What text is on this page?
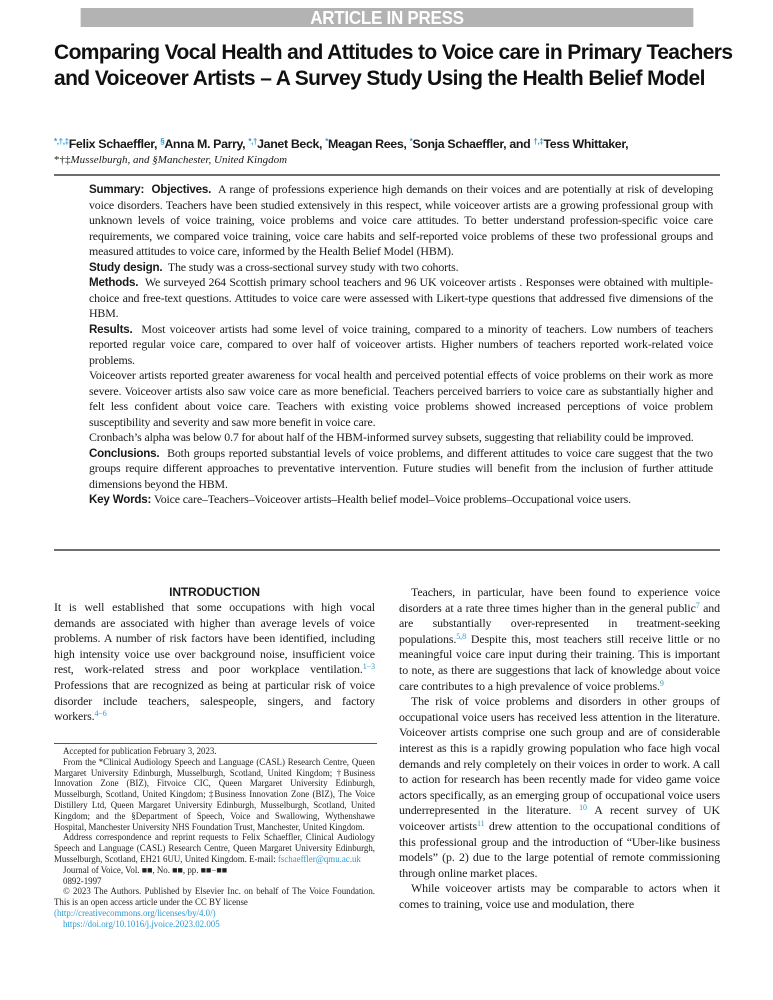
ARTICLE IN PRESS
Comparing Vocal Health and Attitudes to Voice care in Primary Teachers and Voiceover Artists – A Survey Study Using the Health Belief Model
*,†,‡Felix Schaeffler, §Anna M. Parry, *,†Janet Beck, *Meagan Rees, *Sonja Schaeffler, and †,‡Tess Whittaker,
*†‡Musselburgh, and §Manchester, United Kingdom

Summary: Objectives. A range of professions experience high demands on their voices and are potentially at risk of developing voice disorders. Teachers have been studied extensively in this respect, while voiceover artists are a growing professional group with unknown levels of voice training, voice problems and voice care attitudes. To better understand profession-specific voice care requirements, we compared voice training, voice care habits and self-reported voice problems of these two professional groups and measured attitudes to voice care, informed by the Health Belief Model (HBM).

Study design. The study was a cross-sectional survey study with two cohorts.

Methods. We surveyed 264 Scottish primary school teachers and 96 UK voiceover artists . Responses were obtained with multiple-choice and free-text questions. Attitudes to voice care were assessed with Likert-type questions that addressed five dimensions of the HBM.

Results. Most voiceover artists had some level of voice training, compared to a minority of teachers. Low numbers of teachers reported regular voice care, compared to over half of voiceover artists. Higher numbers of teachers reported work-related voice problems.

Voiceover artists reported greater awareness for vocal health and perceived potential effects of voice problems on their work as more severe. Voiceover artists also saw voice care as more beneficial. Teachers perceived barriers to voice care as substantially higher and felt less confident about voice care. Teachers with existing voice problems showed increased perceptions of voice problem susceptibility and severity and saw more benefit in voice care.

Cronbach’s alpha was below 0.7 for about half of the HBM-informed survey subsets, suggesting that reliability could be improved.

Conclusions. Both groups reported substantial levels of voice problems, and different attitudes to voice care suggest that the two groups require different approaches to preventative intervention. Future studies will benefit from the inclusion of further attitude dimensions beyond the HBM.

Key Words: Voice care–Teachers–Voiceover artists–Health belief model–Voice problems–Occupational voice users.

INTRODUCTION

It is well established that some occupations with high vocal demands are associated with higher than average levels of voice problems. A number of risk factors have been identified, including high intensity voice use over background noise, insufficient voice rest, work-related stress and poor workplace ventilation.$^{1-3}$ Professions that are recognized as being at particular risk of voice disorder include teachers, salespeople, singers, and factory workers.$^{4-6}$

Accepted for publication February 3, 2023.

From the *Clinical Audiology Speech and Language (CASL) Research Centre, Queen Margaret University Edinburgh, Musselburgh, Scotland, United Kingdom; †Business Innovation Zone (BIZ), Fitvoice CIC, Queen Margaret University Edinburgh, Musselburgh, Scotland, United Kingdom; ‡Business Innovation Zone (BIZ), The Voice Distillery Ltd, Queen Margaret University Edinburgh, Musselburgh, Scotland, United Kingdom; and the §Department of Speech, Voice and Swallowing, Wythenshawe Hospital, Manchester University NHS Foundation Trust, Manchester, United Kingdom.

Address correspondence and reprint requests to Felix Schaeffler, Clinical Audiology Speech and Language (CASL) Research Centre, Queen Margaret University Edinburgh, Musselburgh, Scotland, EH21 6UU, United Kingdom. E-mail: fschaeffler@qmu.ac.uk

Journal of Voice, Vol. ■■, No. ■■, pp. ■■−■■

0892-1997

© 2023 The Authors. Published by Elsevier Inc. on behalf of The Voice Foundation. This is an open access article under the CC BY license

(http://creativecommons.org/licenses/by/4.0/)

https://doi.org/10.1016/j.jvoice.2023.02.005

Teachers, in particular, have been found to experience voice disorders at a rate three times higher than in the general public$^7$ and are substantially over-represented in treatment-seeking populations.$^{5,8}$ Despite this, most teachers still receive little or no meaningful voice care input during their training. This is important to note, as there are suggestions that lack of knowledge about voice care contributes to a high prevalence of voice problems.$^9$

The risk of voice problems and disorders in other groups of occupational voice users has received less attention in the literature. Voiceover artists comprise one such group and are of considerable interest as this is a rapidly growing population who face high vocal demands and rely completely on their voices in order to work. A call to action for research has been recently made for video game voice actors specifically, as an emerging group of occupational voice users underrepresented in the literature. $^{10}$ A recent survey of UK voiceover artists$^{11}$ drew attention to the occupational conditions of this professional group and the introduction of “Uber-like business models” (p. 2) due to the large potential of remote commissioning through online market places.

While voiceover artists may be comparable to actors when it comes to training, voice use and modulation, there
